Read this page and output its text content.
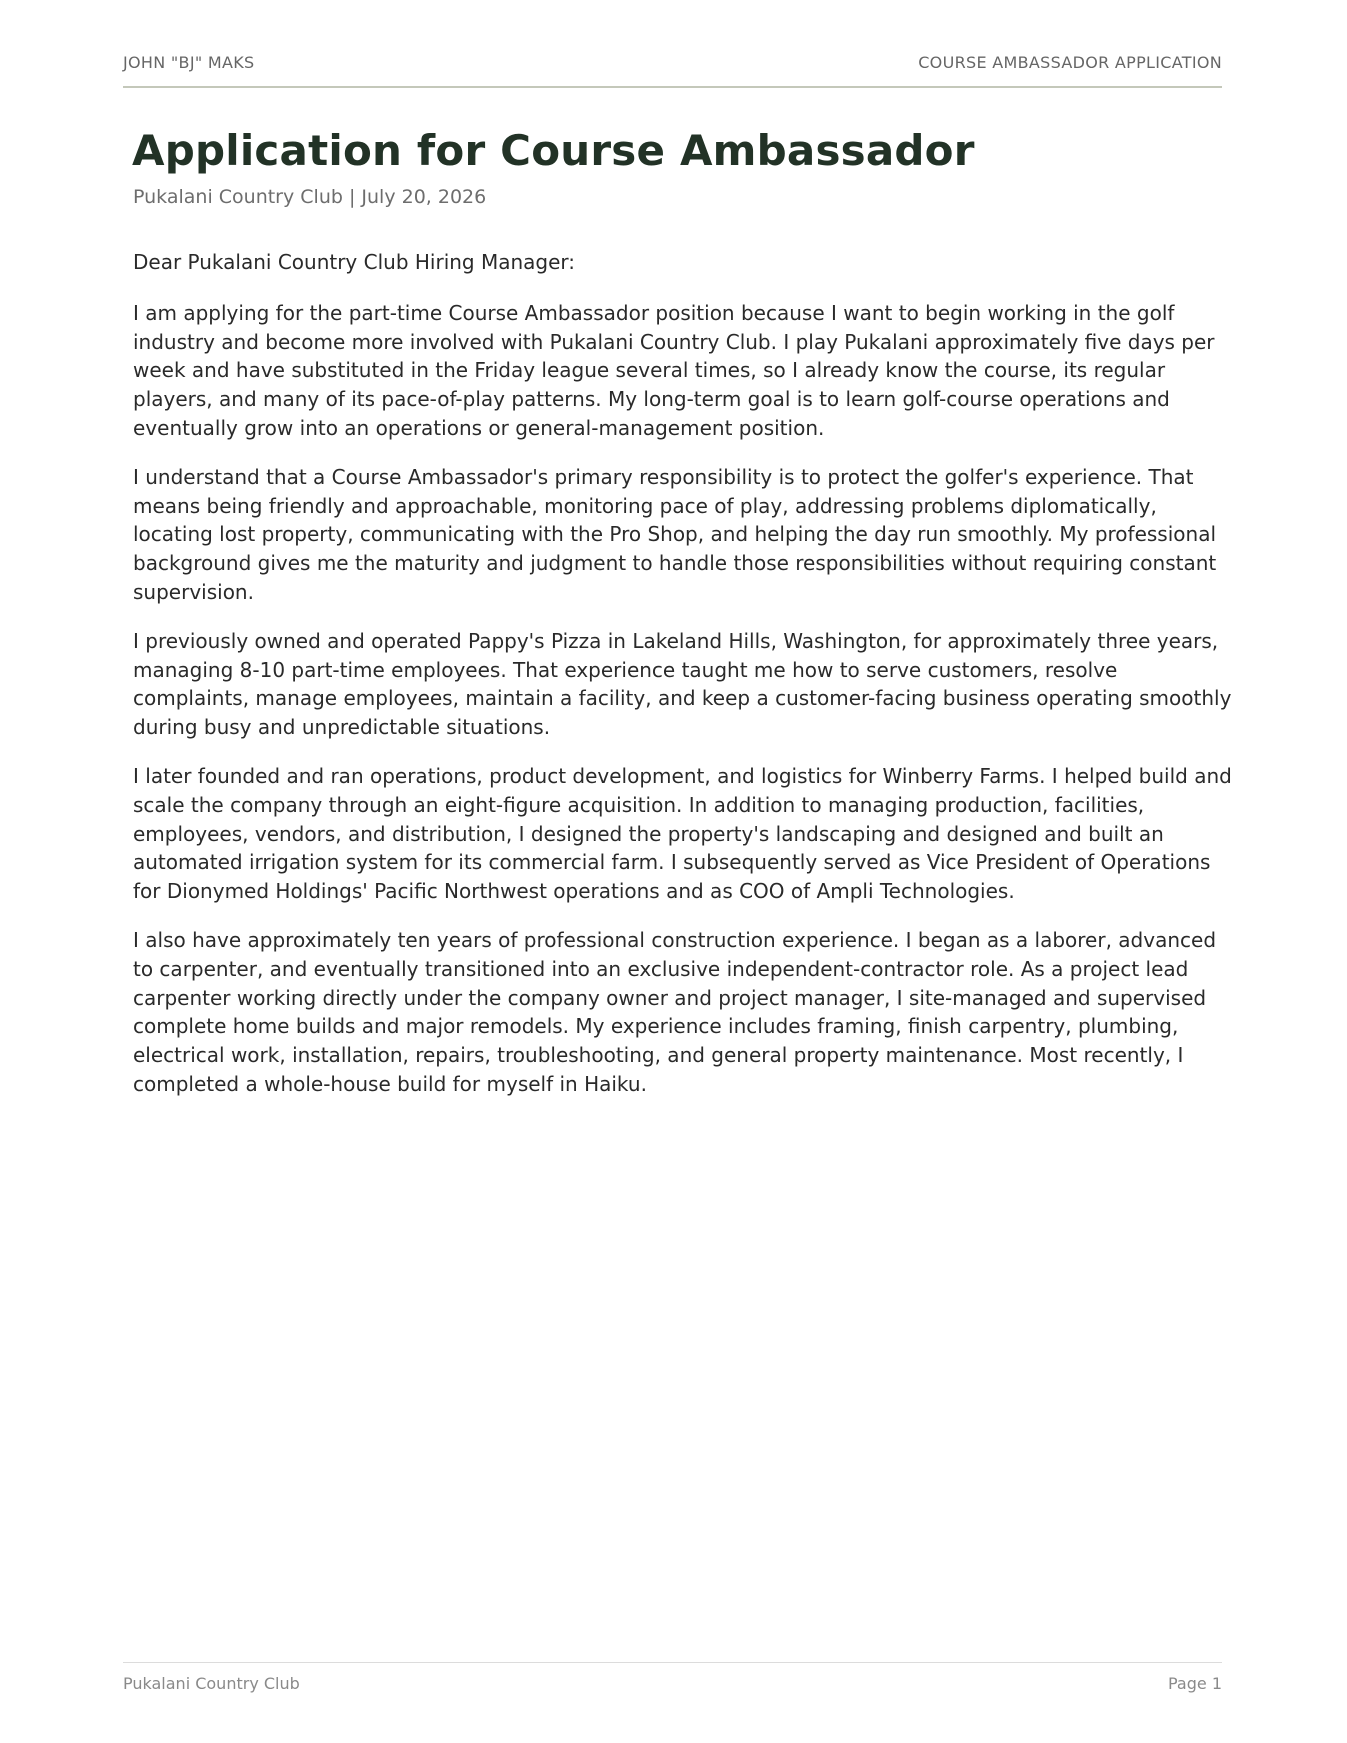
JOHN "BJ" MAKS	COURSE AMBASSADOR APPLICATION
Application for Course Ambassador
Pukalani Country Club | July 20, 2026

Dear Pukalani Country Club Hiring Manager:

I am applying for the part-time Course Ambassador position because I want to begin working in the golf industry and become more involved with Pukalani Country Club. I play Pukalani approximately five days per week and have substituted in the Friday league several times, so I already know the course, its regular players, and many of its pace-of-play patterns. My long-term goal is to learn golf-course operations and eventually grow into an operations or general-management position.

I understand that a Course Ambassador's primary responsibility is to protect the golfer's experience. That means being friendly and approachable, monitoring pace of play, addressing problems diplomatically, locating lost property, communicating with the Pro Shop, and helping the day run smoothly. My professional background gives me the maturity and judgment to handle those responsibilities without requiring constant supervision.

I previously owned and operated Pappy's Pizza in Lakeland Hills, Washington, for approximately three years, managing 8-10 part-time employees. That experience taught me how to serve customers, resolve complaints, manage employees, maintain a facility, and keep a customer-facing business operating smoothly during busy and unpredictable situations.

I later founded and ran operations, product development, and logistics for Winberry Farms. I helped build and scale the company through an eight-figure acquisition. In addition to managing production, facilities, employees, vendors, and distribution, I designed the property's landscaping and designed and built an automated irrigation system for its commercial farm. I subsequently served as Vice President of Operations for Dionymed Holdings' Pacific Northwest operations and as COO of Ampli Technologies.

I also have approximately ten years of professional construction experience. I began as a laborer, advanced to carpenter, and eventually transitioned into an exclusive independent-contractor role. As a project lead carpenter working directly under the company owner and project manager, I site-managed and supervised complete home builds and major remodels. My experience includes framing, finish carpentry, plumbing, electrical work, installation, repairs, troubleshooting, and general property maintenance. Most recently, I completed a whole-house build for myself in Haiku.

Pukalani Country Club	Page 1
